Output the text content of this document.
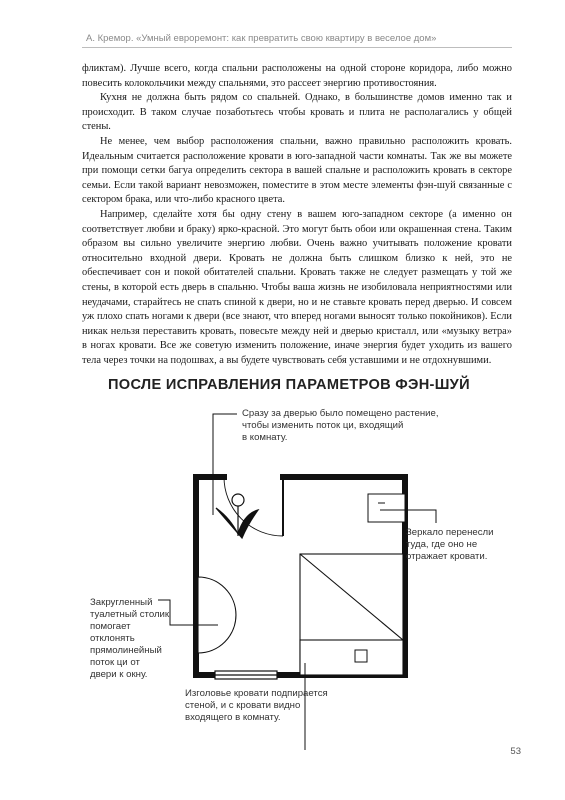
А. Кремор. «Умный евроремонт: как превратить свою квартиру в веселое дом»

фликтам). Лучше всего, когда спальни расположены на одной стороне коридора, либо можно повесить колокольчики между спальнями, это рассеет энергию противостояния.

Кухня не должна быть рядом со спальней. Однако, в большинстве домов именно так и происходит. В таком случае позаботьтесь чтобы кровать и плита не располагались у общей стены.

Не менее, чем выбор расположения спальни, важно правильно расположить кровать. Идеальным считается расположение кровати в юго-западной части комнаты. Так же вы можете при помощи сетки багуа определить сектора в вашей спальне и расположить кровать в секторе семьи. Если такой вариант невозможен, поместите в этом месте элементы фэн-шуй связанные с сектором брака, или что-либо красного цвета.

Например, сделайте хотя бы одну стену в вашем юго-западном секторе (а именно он соответствует любви и браку) ярко-красной. Это могут быть обои или окрашенная стена. Таким образом вы сильно увеличите энергию любви. Очень важно учитывать положение кровати относительно входной двери. Кровать не должна быть слишком близко к ней, это не обеспечивает сон и покой обитателей спальни. Кровать также не следует размещать у той же стены, в которой есть дверь в спальню. Чтобы ваша жизнь не изобиловала неприятностями или неудачами, старайтесь не спать спиной к двери, но и не ставьте кровать перед дверью. И совсем уж плохо спать ногами к двери (все знают, что вперед ногами выносят только покойников). Если никак нельзя переставить кровать, повесьте между ней и дверью кристалл, или «музыку ветра» в ногах кровати. Все же советую изменить положение, иначе энергия будет уходить из вашего тела через точки на подошвах, а вы будете чувствовать себя уставшими и не отдохнувшими.

ПОСЛЕ ИСПРАВЛЕНИЯ ПАРАМЕТРОВ ФЭН-ШУЙ
Сразу за дверью было помещено растение,
чтобы изменить поток ци, входящий
в комнату.
Зеркало перенесли
туда, где оно не
отражает кровати.
Закругленный
туалетный столик
помогает
отклонять
прямолинейный
поток ци от
двери к окну.
Изголовье кровати подпирается
стеной, и с кровати видно
входящего в комнату.
53
